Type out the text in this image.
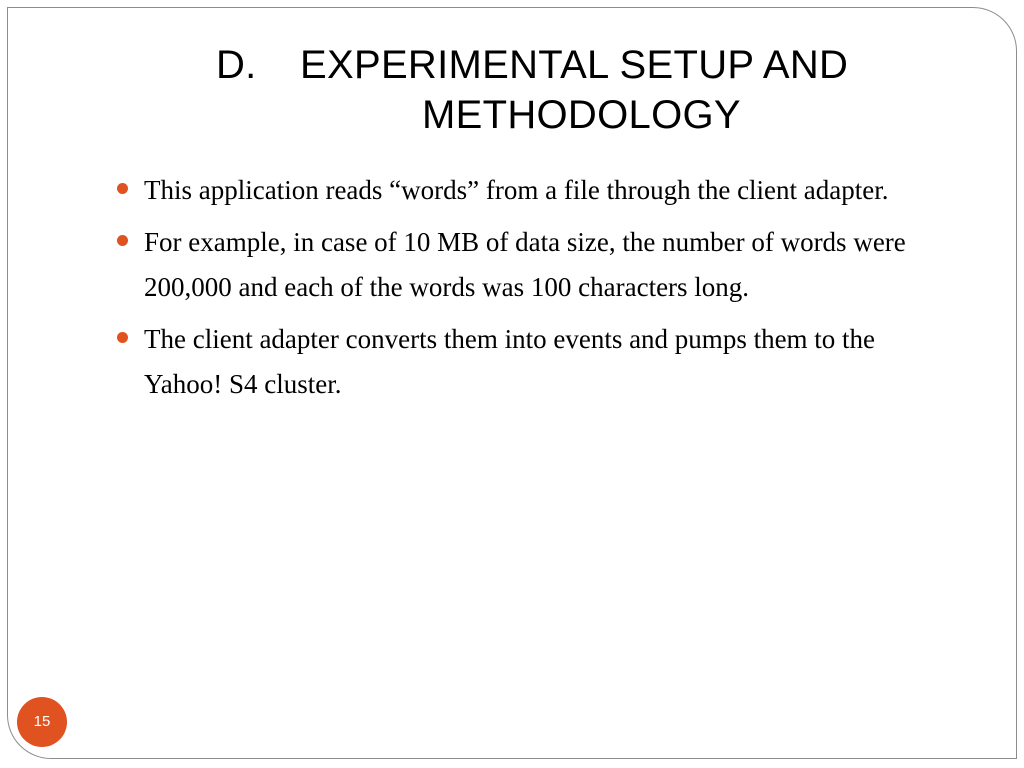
D. EXPERIMENTAL SETUP AND
METHODOLOGY
This application reads “words” from a file through the client adapter.
For example, in case of 10 MB of data size, the number of words were 200,000 and each of the words was 100 characters long.
The client adapter converts them into events and pumps them to the Yahoo! S4 cluster.
15
